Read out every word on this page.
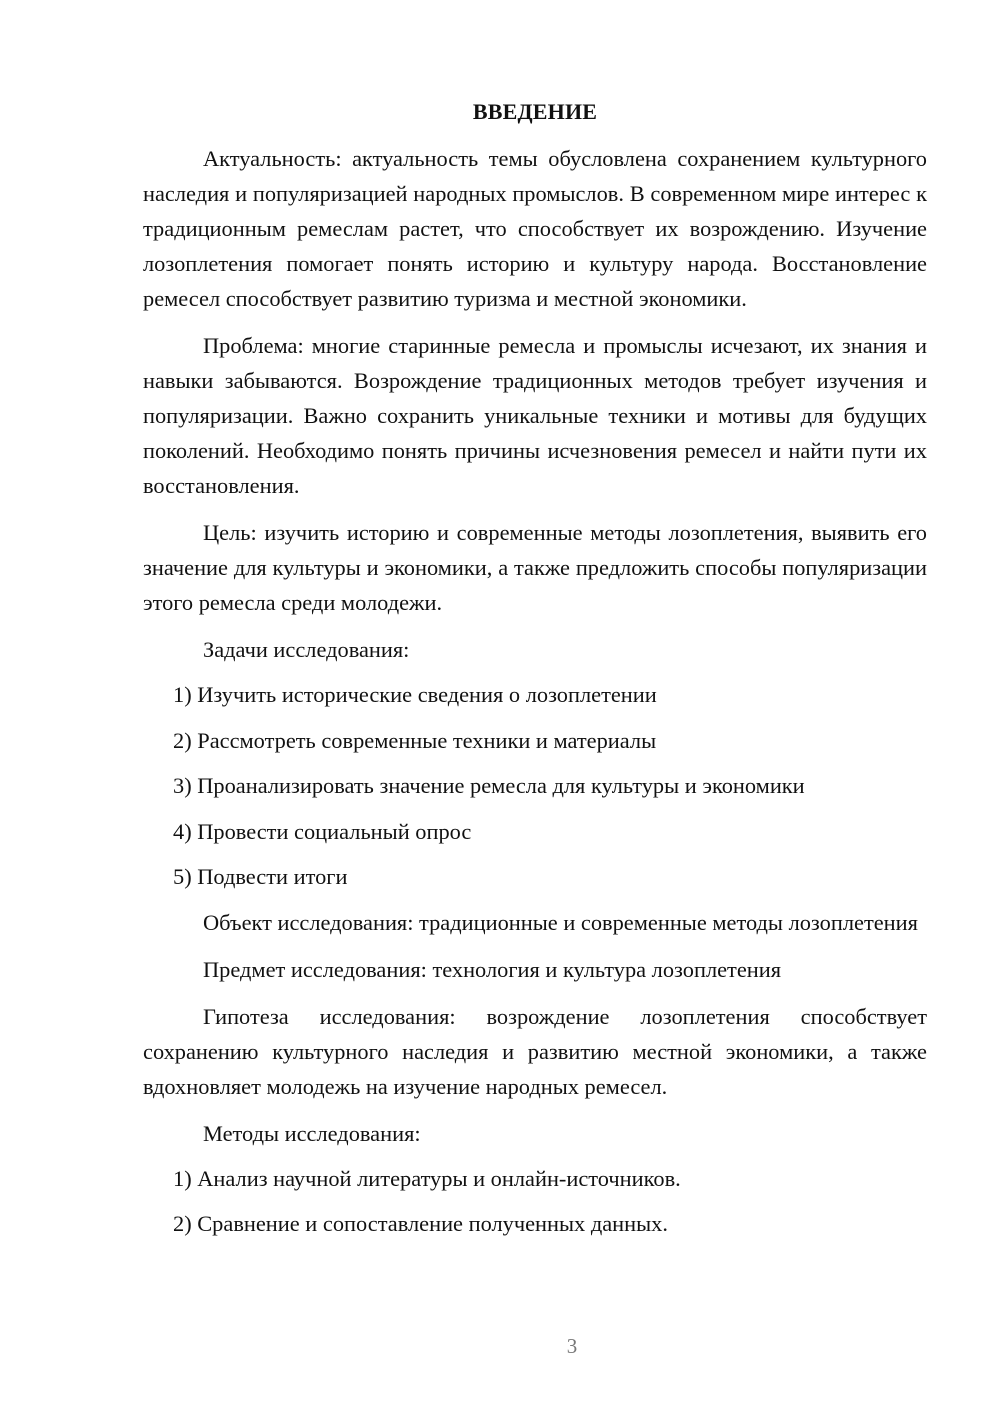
ВВЕДЕНИЕ

Актуальность: актуальность темы обусловлена сохранением культурного наследия и популяризацией народных промыслов. В современном мире интерес к традиционным ремеслам растет, что способствует их возрождению. Изучение лозоплетения помогает понять историю и культуру народа. Восстановление ремесел способствует развитию туризма и местной экономики.

Проблема: многие старинные ремесла и промыслы исчезают, их знания и навыки забываются. Возрождение традиционных методов требует изучения и популяризации. Важно сохранить уникальные техники и мотивы для будущих поколений. Необходимо понять причины исчезновения ремесел и найти пути их восстановления.

Цель: изучить историю и современные методы лозоплетения, выявить его значение для культуры и экономики, а также предложить способы популяризации этого ремесла среди молодежи.

Задачи исследования:
1) Изучить исторические сведения о лозоплетении
2) Рассмотреть современные техники и материалы
3) Проанализировать значение ремесла для культуры и экономики
4) Провести социальный опрос
5) Подвести итоги

Объект исследования: традиционные и современные методы лозоплетения

Предмет исследования: технология и культура лозоплетения

Гипотеза исследования: возрождение лозоплетения способствует сохранению культурного наследия и развитию местной экономики, а также вдохновляет молодежь на изучение народных ремесел.

Методы исследования:
1) Анализ научной литературы и онлайн-источников.
2) Сравнение и сопоставление полученных данных.
3
